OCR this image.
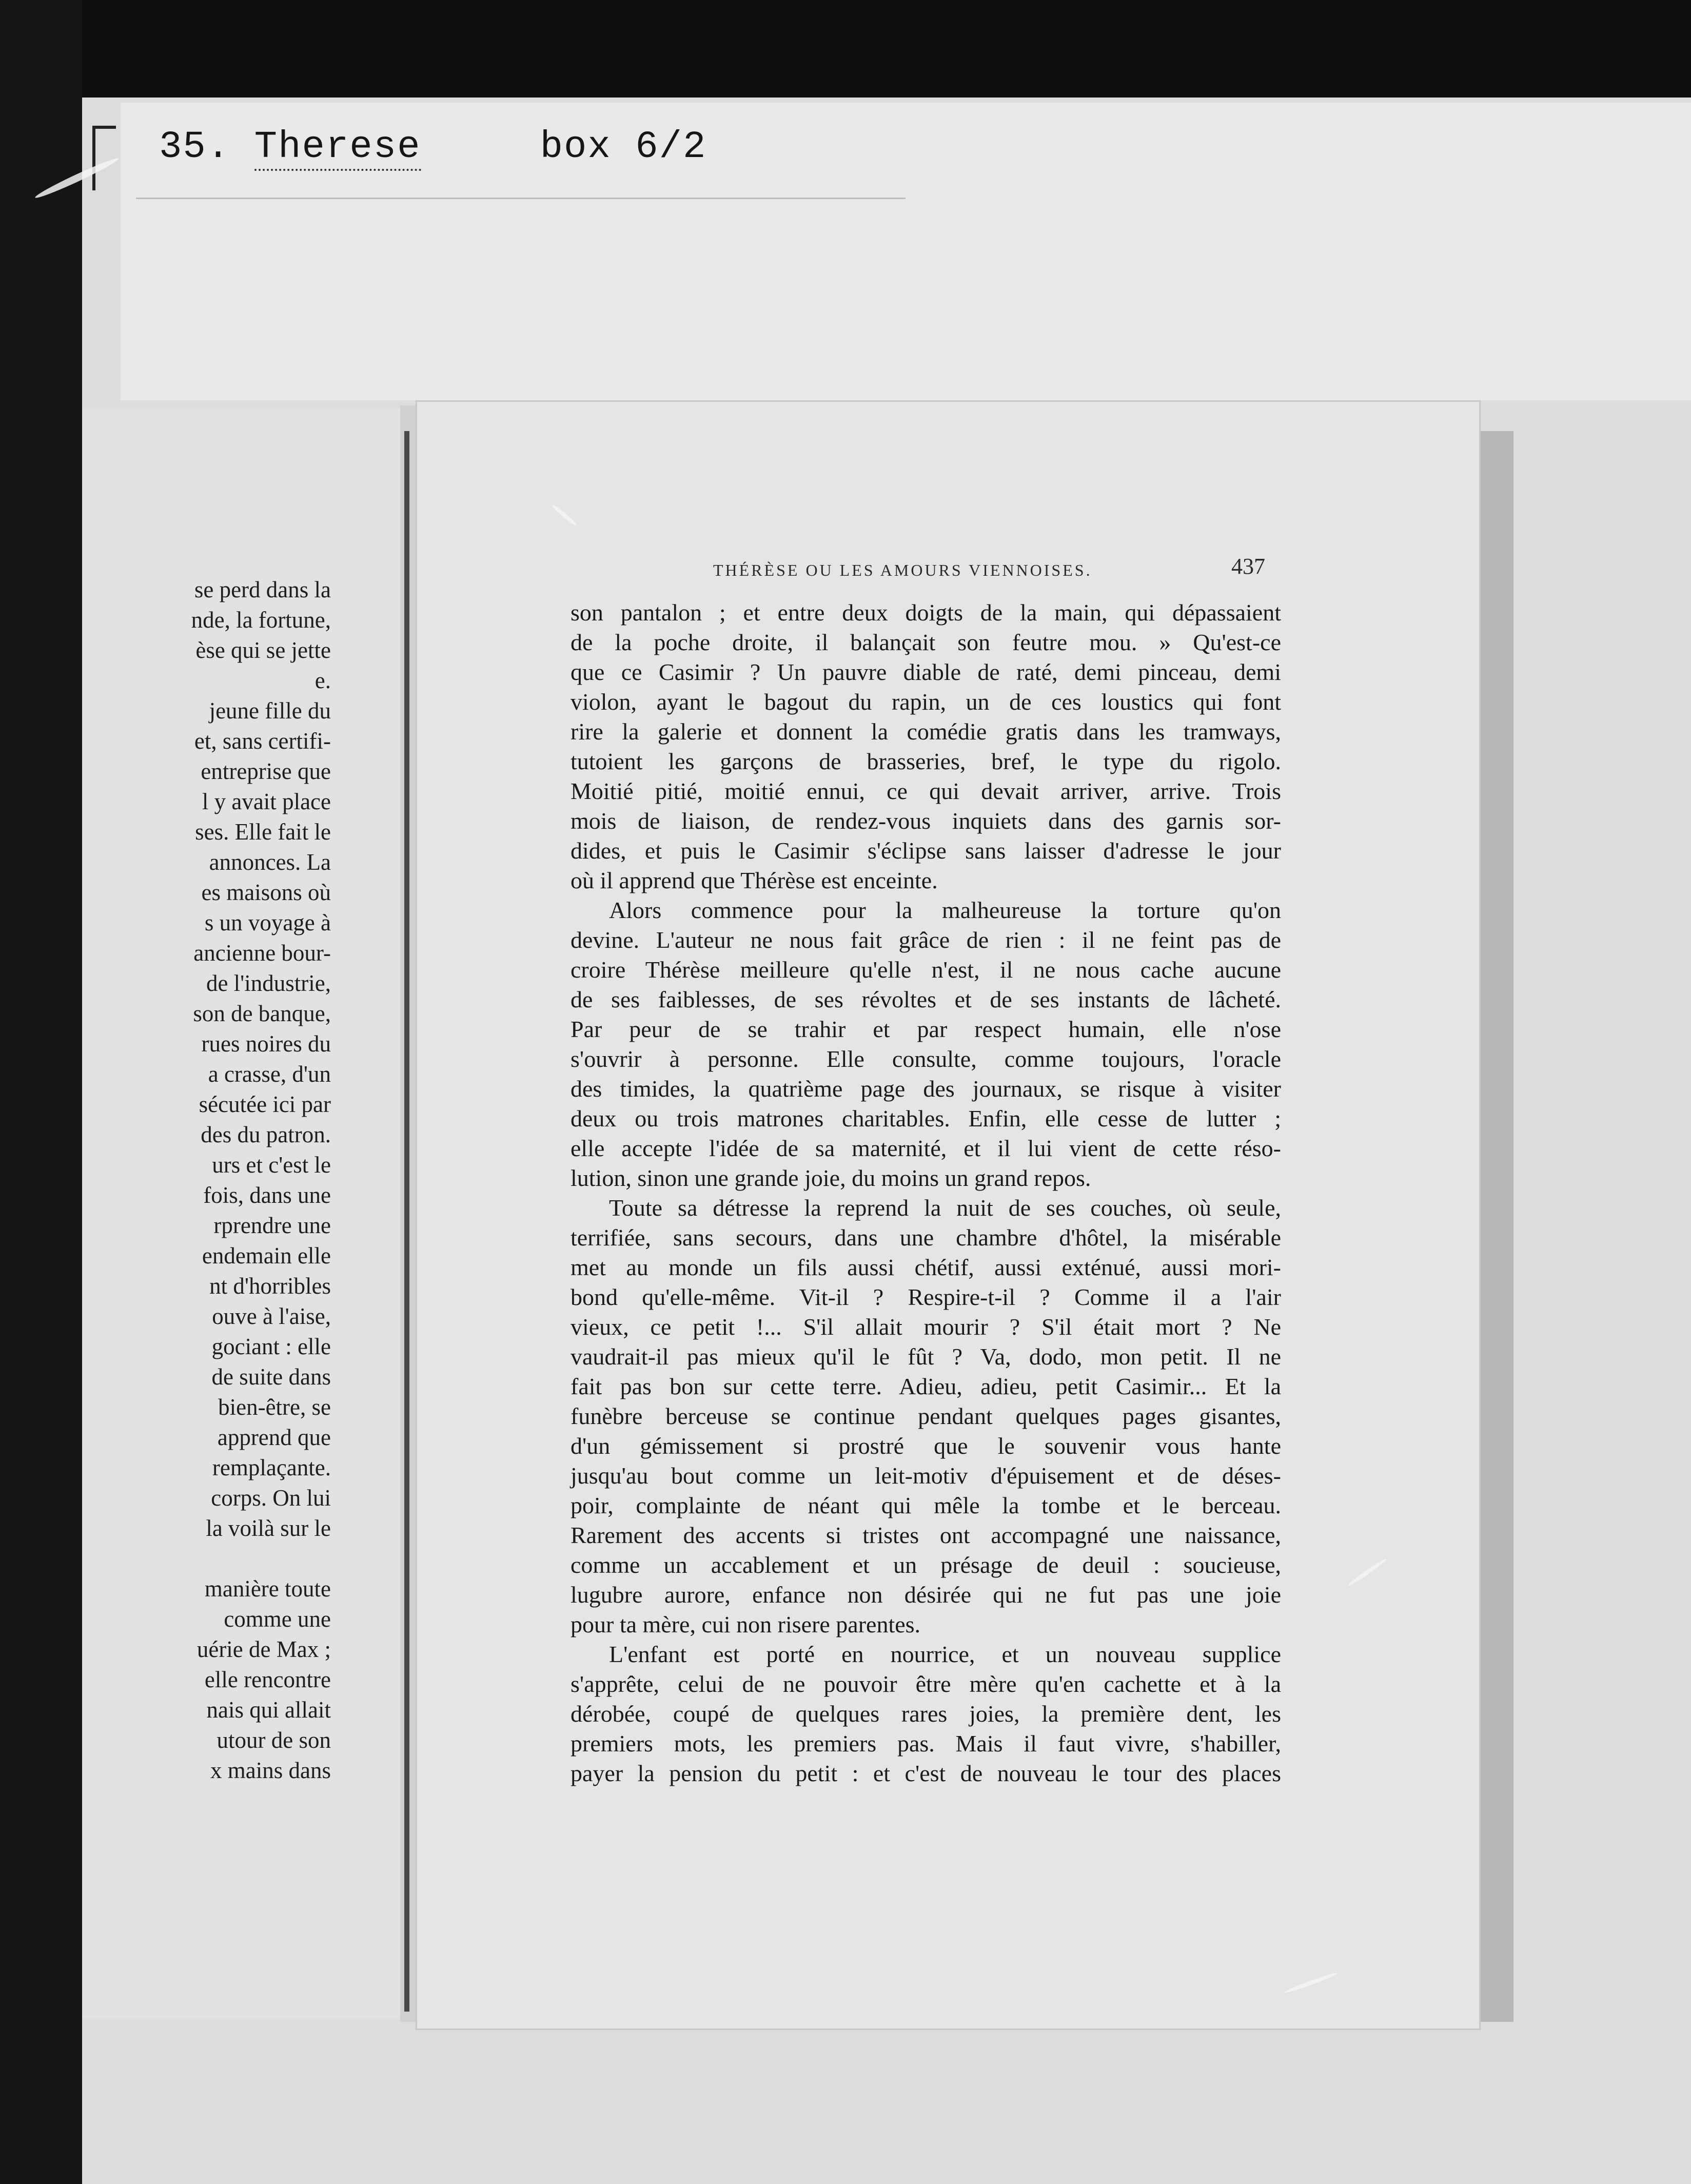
35. Therese	box 6/2
se perd dans la
nde, la fortune,
èse qui se jette
e.
jeune fille du
et, sans certifi-
entreprise que
l y avait place
ses. Elle fait le
annonces. La
es maisons où
s un voyage à
ancienne bour-
de l'industrie,
son de banque,
rues noires du
a crasse, d'un
sécutée ici par
des du patron.
urs et c'est le
fois, dans une
rprendre une
endemain elle
nt d'horribles
ouve à l'aise,
gociant : elle
de suite dans
bien-être, se
apprend que
remplaçante.
corps. On lui
la voilà sur le
manière toute
comme une
uérie de Max ;
elle rencontre
nais qui allait
utour de son
x mains dans
THÉRÈSE OU LES AMOURS VIENNOISES.	437
son pantalon ; et entre deux doigts de la main, qui dépassaient
de la poche droite, il balançait son feutre mou. » Qu'est-ce
que ce Casimir ? Un pauvre diable de raté, demi pinceau, demi
violon, ayant le bagout du rapin, un de ces loustics qui font
rire la galerie et donnent la comédie gratis dans les tramways,
tutoient les garçons de brasseries, bref, le type du rigolo.
Moitié pitié, moitié ennui, ce qui devait arriver, arrive. Trois
mois de liaison, de rendez-vous inquiets dans des garnis sor-
dides, et puis le Casimir s'éclipse sans laisser d'adresse le jour
où il apprend que Thérèse est enceinte.
Alors commence pour la malheureuse la torture qu'on
devine. L'auteur ne nous fait grâce de rien : il ne feint pas de
croire Thérèse meilleure qu'elle n'est, il ne nous cache aucune
de ses faiblesses, de ses révoltes et de ses instants de lâcheté.
Par peur de se trahir et par respect humain, elle n'ose
s'ouvrir à personne. Elle consulte, comme toujours, l'oracle
des timides, la quatrième page des journaux, se risque à visiter
deux ou trois matrones charitables. Enfin, elle cesse de lutter ;
elle accepte l'idée de sa maternité, et il lui vient de cette réso-
lution, sinon une grande joie, du moins un grand repos.
Toute sa détresse la reprend la nuit de ses couches, où seule,
terrifiée, sans secours, dans une chambre d'hôtel, la misérable
met au monde un fils aussi chétif, aussi exténué, aussi mori-
bond qu'elle-même. Vit-il ? Respire-t-il ? Comme il a l'air
vieux, ce petit !... S'il allait mourir ? S'il était mort ? Ne
vaudrait-il pas mieux qu'il le fût ? Va, dodo, mon petit. Il ne
fait pas bon sur cette terre. Adieu, adieu, petit Casimir... Et la
funèbre berceuse se continue pendant quelques pages gisantes,
d'un gémissement si prostré que le souvenir vous hante
jusqu'au bout comme un leit-motiv d'épuisement et de déses-
poir, complainte de néant qui mêle la tombe et le berceau.
Rarement des accents si tristes ont accompagné une naissance,
comme un accablement et un présage de deuil : soucieuse,
lugubre aurore, enfance non désirée qui ne fut pas une joie
pour ta mère, cui non risere parentes.
L'enfant est porté en nourrice, et un nouveau supplice
s'apprête, celui de ne pouvoir être mère qu'en cachette et à la
dérobée, coupé de quelques rares joies, la première dent, les
premiers mots, les premiers pas. Mais il faut vivre, s'habiller,
payer la pension du petit : et c'est de nouveau le tour des places
